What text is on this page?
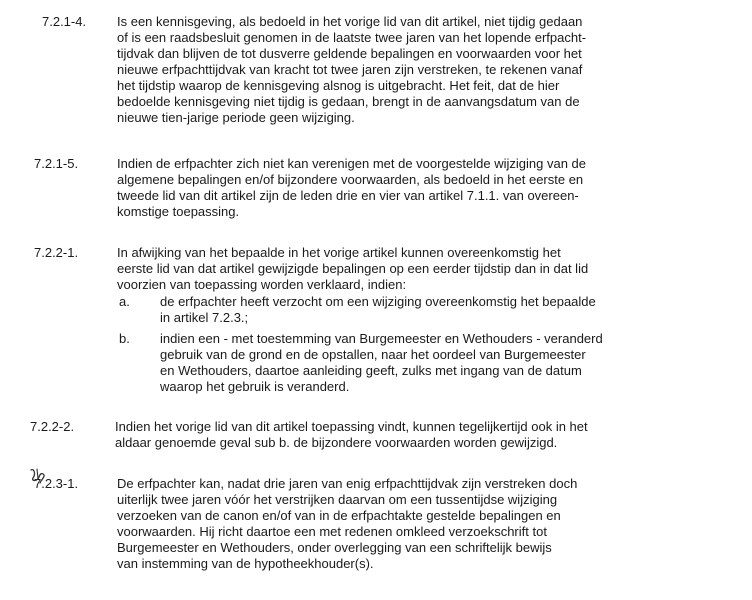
7.2.1-4. Is een kennisgeving, als bedoeld in het vorige lid van dit artikel, niet tijdig gedaan
of is een raadsbesluit genomen in de laatste twee jaren van het lopende erfpacht-
tijdvak dan blijven de tot dusverre geldende bepalingen en voorwaarden voor het
nieuwe erfpachttijdvak van kracht tot twee jaren zijn verstreken, te rekenen vanaf
het tijdstip waarop de kennisgeving alsnog is uitgebracht. Het feit, dat de hier
bedoelde kennisgeving niet tijdig is gedaan, brengt in de aanvangsdatum van de
nieuwe tien-jarige periode geen wijziging.
7.2.1-5.	Indien de erfpachter zich niet kan verenigen met de voorgestelde wijziging van de
algemene bepalingen en/of bijzondere voorwaarden, als bedoeld in het eerste en
tweede lid van dit artikel zijn de leden drie en vier van artikel 7.1.1. van overeen-
komstige toepassing.
7.2.2-1.	In afwijking van het bepaalde in het vorige artikel kunnen overeenkomstig het
eerste lid van dat artikel gewijzigde bepalingen op een eerder tijdstip dan in dat lid
voorzien van toepassing worden verklaard, indien:
a. de erfpachter heeft verzocht om een wijziging overeenkomstig het bepaalde
in artikel 7.2.3.;
b. indien een - met toestemming van Burgemeester en Wethouders - veranderd
gebruik van de grond en de opstallen, naar het oordeel van Burgemeester
en Wethouders, daartoe aanleiding geeft, zulks met ingang van de datum
waarop het gebruik is veranderd.
7.2.2-2.	Indien het vorige lid van dit artikel toepassing vindt, kunnen tegelijkertijd ook in het
aldaar genoemde geval sub b. de bijzondere voorwaarden worden gewijzigd.
7.2.3-1.	De erfpachter kan, nadat drie jaren van enig erfpachttijdvak zijn verstreken doch
uiterlijk twee jaren vóór het verstrijken daarvan om een tussentijdse wijziging
verzoeken van de canon en/of van in de erfpachtakte gestelde bepalingen en
voorwaarden. Hij richt daartoe een met redenen omkleed verzoekschrift tot
Burgemeester en Wethouders, onder overlegging van een schriftelijk bewijs
van instemming van de hypotheekhouder(s).
